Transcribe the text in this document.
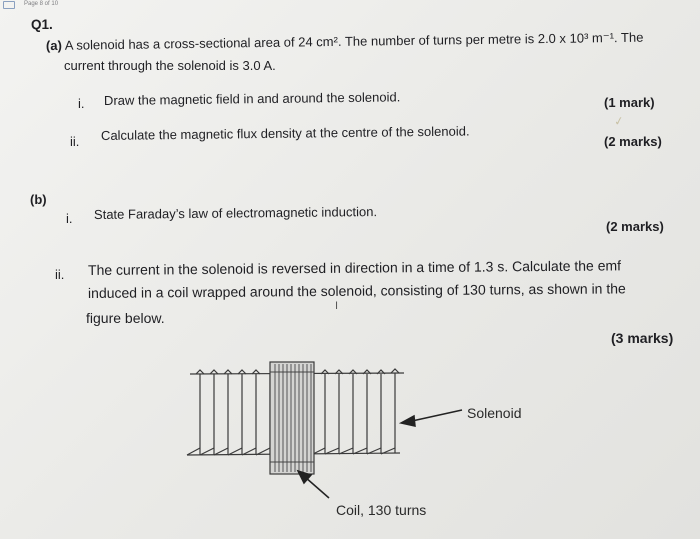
Page 8 of 10
Q1.
(a) A solenoid has a cross-sectional area of 24 cm². The number of turns per metre is 2.0 x 10³ m⁻¹. The
current through the solenoid is 3.0 A.
i. Draw the magnetic field in and around the solenoid.	(1 mark)
✓
ii. Calculate the magnetic flux density at the centre of the solenoid.	(2 marks)
(b)
i. State Faraday’s law of electromagnetic induction.
(2 marks)
ii. The current in the solenoid is reversed in direction in a time of 1.3 s. Calculate the emf
induced in a coil wrapped around the solenoid, consisting of 130 turns, as shown in the
figure below.
I
(3 marks)
Solenoid
Coil, 130 turns
